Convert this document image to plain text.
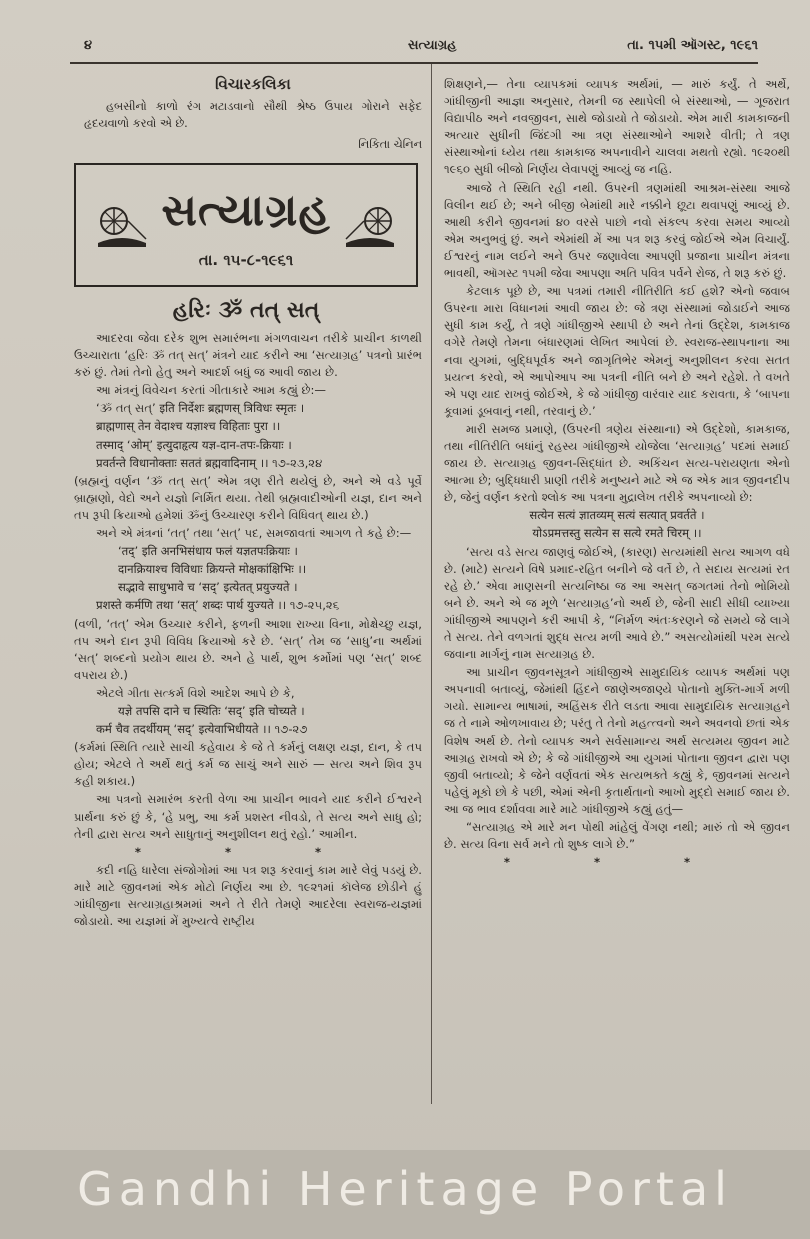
૪	સત્યાગ્રહ	તા. ૧૫મી ઑગસ્ટ, ૧૯૬૧
વિચારકલિકા
હબસીનો કાળો રંગ મટાડવાનો સૌથી શ્રેષ્ઠ ઉપાય ગોરાને સફેદ હૃદયવાળો કરવો એ છે.
નિકિતા ચેનિન
સત્યાગ્રહ
તા. ૧૫-૮-૧૯૬૧
હરિઃ ૐ તત્ સત્

આદરવા જેવા દરેક શુભ સમારંભના મંગળવાચન તરીકે પ્રાચીન કાળથી ઉચ્ચારાતા ‘હરિઃ ૐ તત્ સત્’ મંત્રને યાદ કરીને આ ‘સત્યાગ્રહ’ પત્રનો પ્રારંભ કરું છું. તેમાં તેનો હેતુ અને આદર્શ બધું જ આવી જાય છે.

આ મંત્રનું વિવેચન કરતાં ગીતાકારે આમ કહ્યું છે:—

‘ૐ તત્ સત્’ इति निर्देशः ब्रह्मणस् त्रिविधः स्मृतः ।

ब्राह्मणास् तेन वेदाश्च यज्ञाश्च विहिताः पुरा ।।

तस्माद् ‘ओम्’ इत्युदाहृत्य यज्ञ-दान-तपः-क्रियाः ।

प्रवर्तन्ते विधानोक्ताः सततं ब्रह्मवादिनाम् ।। ૧૭-૨૩,૨૪

(બ્રહ્મનું વર્ણન ‘ૐ તત્ સત્’ એમ ત્રણ રીતે થયેલું છે, અને એ વડે પૂર્વે બ્રાહ્મણો, વેદો અને યજ્ઞો નિર્મિત થયા. તેથી બ્રહ્મવાદીઓની યજ્ઞ, દાન અને તપ રૂપી ક્રિયાઓ હમેશાં ૐનું ઉચ્ચારણ કરીને વિધિવત્ થાય છે.)

અને એ મંત્રનાં ‘તત્’ તથા ‘સત્’ પદ, સમજાવતાં આગળ તે કહે છે:—

‘तद्’ इति अनभिसंधाय फलं यज्ञतपःक्रियाः ।

दानक्रियाश्च विविधाः क्रियन्ते मोक्षकांक्षिभिः ।।

सद्भावे साधुभावे च ‘सद्’ इत्येतत् प्रयुज्यते ।

प्रशस्ते कर्मणि तथा ‘सत्’ शब्दः पार्थ युज्यते ।। ૧૭-૨૫,૨૬

(વળી, ‘તત્’ એમ ઉચ્ચાર કરીને, ફળની આશા રાખ્યા વિના, મોક્ષેચ્છુ યજ્ઞ, તપ અને દાન રૂપી વિવિધ ક્રિયાઓ કરે છે. ‘સત્’ તેમ જ ‘સાધુ’ના અર્થમાં ‘સત્’ શબ્દનો પ્રયોગ થાય છે. અને હે પાર્થ, શુભ કર્મોમાં પણ ‘સત્’ શબ્દ વપરાય છે.)

એટલે ગીતા સત્કર્મ વિશે આદેશ આપે છે કે,

यज्ञे तपसि दाने च स्थितिः ‘सद्’ इति चोच्यते ।

कर्म चैव तदर्थीयम् ‘सद्’ इत्येवाभिधीयते ।। ૧૭-૨૭

(કર્મમાં સ્થિતિ ત્યારે સાચી કહેવાય કે જે તે કર્મનું લક્ષણ યજ્ઞ, દાન, કે તપ હોય; એટલે તે અર્થે થતું કર્મ જ સાચું અને સારું — સત્ય અને શિવ રૂપ કહી શકાય.)

આ પત્રનો સમારંભ કરતી વેળા આ પ્રાચીન ભાવને યાદ કરીને ઈશ્વરને પ્રાર્થના કરું છું કે, ‘હે પ્રભુ, આ કર્મ પ્રશસ્ત નીવડો, તે સત્ય અને સાધુ હો; તેની દ્વારા સત્ય અને સાધુતાનું અનુશીલન થતું રહો.’ આમીન.

* * *

કદી નહિ ધારેલા સંજોગોમાં આ પત્ર શરૂ કરવાનું કામ મારે લેવું પડયું છે. મારે માટે જીવનમાં એક મોટો નિર્ણય આ છે. ૧૯૨૧માં કૉલેજ છોડીને હું ગાંધીજીના સત્યાગ્રહાશ્રમમાં અને તે રીતે તેમણે આદરેલા સ્વરાજ-યજ્ઞમાં જોડાયો. આ યજ્ઞમાં મેં મુખ્યત્વે રાષ્ટ્રીય

શિક્ષણને,— તેના વ્યાપકમાં વ્યાપક અર્થમાં, — મારું કર્યું. તે અર્થે, ગાંધીજીની આજ્ઞા અનુસાર, તેમની જ સ્થાપેલી બે સંસ્થાઓ, — ગૂજરાત વિદ્યાપીઠ અને નવજીવન, સાથે જોડાયો તે જોડાયો. એમ મારી કામકાજની અત્યાર સુધીની જિંદગી આ ત્રણ સંસ્થાઓને આશરે વીતી; તે ત્રણ સંસ્થાઓનાં ધ્યેય તથા કામકાજ અપનાવીને ચાલવા મથતો રહ્યો. ૧૯૨૦થી ૧૯૬૦ સુધી બીજો નિર્ણય લેવાપણું આવ્યું જ નહિ.

આજે તે સ્થિતિ રહી નથી. ઉપરની ત્રણમાંથી આશ્રમ-સંસ્થા આજે વિલીન થઈ છે; અને બીજી બેમાંથી મારે નક્કીને છૂટા થવાપણું આવ્યું છે. આથી કરીને જીવનમાં ૪૦ વરસે પાછો નવો સંકલ્પ કરવા સમય આવ્યો એમ અનુભવું છું. અને એમાંથી મેં આ પત્ર શરૂ કરવું જોઈએ એમ વિચાર્યું. ઈશ્વરનું નામ લઈને અને ઉપર જણાવેલા આપણી પ્રજાના પ્રાચીન મંત્રના ભાવથી, ઑગસ્ટ ૧૫મી જેવા આપણા અતિ પવિત્ર પર્વને રોજ, તે શરૂ કરું છું.

કેટલાક પૂછે છે, આ પત્રમાં તમારી નીતિરીતિ કઈ હશે? એનો જવાબ ઉપરના મારા વિધાનમાં આવી જાય છે: જે ત્રણ સંસ્થામાં જોડાઈને આજ સુધી કામ કર્યું, તે ત્રણે ગાંધીજીએ સ્થાપી છે અને તેનાં ઉદ્દેશ, કામકાજ વગેરે તેમણે તેમના બંધારણમાં લેખિત આપેલાં છે. સ્વરાજ-સ્થાપનાના આ નવા યુગમાં, બુદ્ધિપૂર્વક અને જાગૃતિભેર એમનું અનુશીલન કરવા સતત પ્રયત્ન કરવો, એ આપોઆપ આ પત્રની નીતિ બને છે અને રહેશે. તે વખતે એ પણ યાદ રાખવું જોઈએ, કે જે ગાંધીજી વારંવાર યાદ કરાવતા, કે ‘બાપના કૂવામાં ડૂબવાનું નથી, તરવાનું છે.’

મારી સમજ પ્રમાણે, (ઉપરની ત્રણેય સંસ્થાના) એ ઉદ્દેશો, કામકાજ, તથા નીતિરીતિ બધાંનું રહસ્ય ગાંધીજીએ યોજેલા ‘સત્યાગ્રહ’ પદમાં સમાઈ જાય છે. સત્યાગ્રહ જીવન-સિદ્ધાંત છે. અકિંચન સત્ય-પરાયણતા એનો આત્મા છે; બુદ્ધિધારી પ્રાણી તરીકે મનુષ્યને માટે એ જ એક માત્ર જીવનદીપ છે, જેનું વર્ણન કરતો શ્લોક આ પત્રના મુદ્રાલેખ તરીકે અપનાવ્યો છે:

सत्येन सत्यं ज्ञातव्यम् सत्यं सत्यात् प्रवर्तते ।

योऽप्रमत्तस्तु सत्येन स सत्ये रमते चिरम् ।।

‘સત્ય વડે સત્ય જાણવું જોઈએ, (કારણ) સત્યમાંથી સત્ય આગળ વધે છે. (માટે) સત્યને વિષે પ્રમાદ-રહિત બનીને જે વર્તે છે, તે સદાય સત્યમાં રત રહે છે.’ એવા માણસની સત્યનિષ્ઠા જ આ અસત્ જગતમાં તેનો ભોમિયો બને છે. અને એ જ મૂળે ‘સત્યાગ્રહ’નો અર્થ છે, જેની સાદી સીધી વ્યાખ્યા ગાંધીજીએ આપણને કરી આપી કે, “નિર્મળ અંતઃકરણને જે સમયે જે લાગે તે સત્ય. તેને વળગતાં શુદ્ધ સત્ય મળી આવે છે.” અસત્યોમાંથી પરમ સત્યે જવાના માર્ગનું નામ સત્યાગ્રહ છે.

આ પ્રાચીન જીવનસૂત્રને ગાંધીજીએ સામુદાયિક વ્યાપક અર્થમાં પણ અપનાવી બતાવ્યું, જેમાંથી હિંદને જાણેઅજાણ્યે પોતાનો મુક્તિ-માર્ગ મળી ગયો. સામાન્ય ભાષામાં, અહિંસક રીતે લડતા આવા સામુદાયિક સત્યાગ્રહને જ તે નામે ઓળખાવાય છે; પરંતુ તે તેનો મહત્ત્વનો અને અવનવો છતાં એક વિશેષ અર્થ છે. તેનો વ્યાપક અને સર્વસામાન્ય અર્થ સત્યમય જીવન માટે આગ્રહ રાખવો એ છે; કે જે ગાંધીજીએ આ યુગમાં પોતાના જીવન દ્વારા પણ જીવી બતાવ્યો; કે જેને વર્ણવતાં એક સત્યભક્તે કહ્યું કે, જીવનમાં સત્યને પહેલું મૂકો છો કે પછી, એમાં એની કૃતાર્થતાનો આખો મુદ્દો સમાઈ જાય છે. આ જ ભાવ દર્શાવવા મારે માટે ગાંધીજીએ કહ્યું હતું—

“સત્યાગ્રહ એ મારે મન પોથી માંહેલું વેંગણ નથી; મારું તો એ જીવન છે. સત્ય વિના સર્વ મને તો શુષ્ક લાગે છે.”

* * *

Gandhi Heritage Portal
